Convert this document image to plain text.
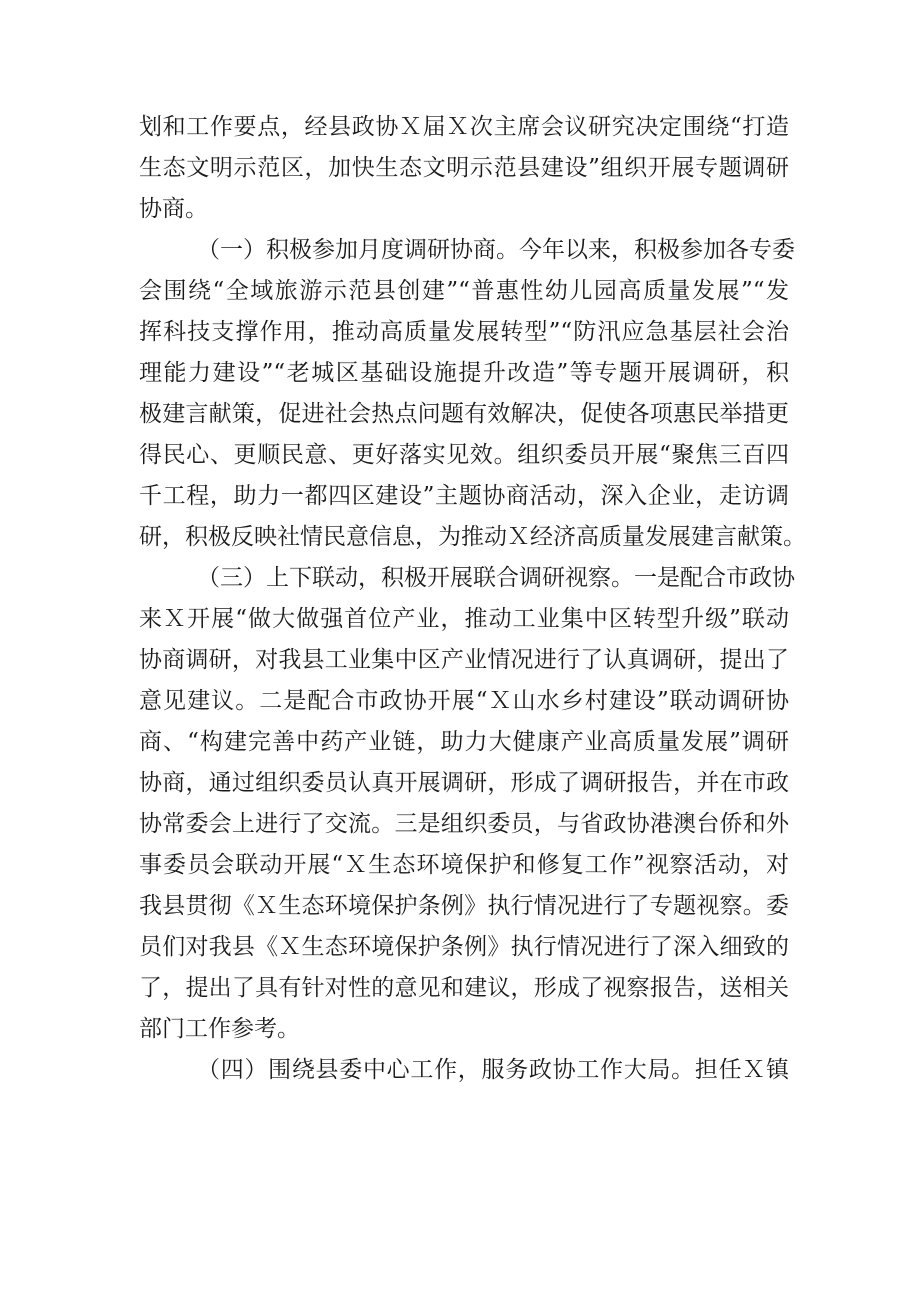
划和工作要点，经县政协Ｘ届Ｘ次主席会议研究决定围绕“打造
生态文明示范区，加快生态文明示范县建设”组织开展专题调研
协商。
（一）积极参加月度调研协商。今年以来，积极参加各专委
会围绕“全域旅游示范县创建”“普惠性幼儿园高质量发展”“发
挥科技支撑作用，推动高质量发展转型”“防汛应急基层社会治
理能力建设”“老城区基础设施提升改造”等专题开展调研，积
极建言献策，促进社会热点问题有效解决，促使各项惠民举措更
得民心、更顺民意、更好落实见效。组织委员开展“聚焦三百四
千工程，助力一都四区建设”主题协商活动，深入企业，走访调
研，积极反映社情民意信息，为推动Ｘ经济高质量发展建言献策。
（三）上下联动，积极开展联合调研视察。一是配合市政协
来Ｘ开展“做大做强首位产业，推动工业集中区转型升级”联动
协商调研，对我县工业集中区产业情况进行了认真调研，提出了
意见建议。二是配合市政协开展“Ｘ山水乡村建设”联动调研协
商、“构建完善中药产业链，助力大健康产业高质量发展”调研
协商，通过组织委员认真开展调研，形成了调研报告，并在市政
协常委会上进行了交流。三是组织委员，与省政协港澳台侨和外
事委员会联动开展“Ｘ生态环境保护和修复工作”视察活动，对
我县贯彻《Ｘ生态环境保护条例》执行情况进行了专题视察。委
员们对我县《Ｘ生态环境保护条例》执行情况进行了深入细致的
了，提出了具有针对性的意见和建议，形成了视察报告，送相关
部门工作参考。
（四）围绕县委中心工作，服务政协工作大局。担任Ｘ镇
